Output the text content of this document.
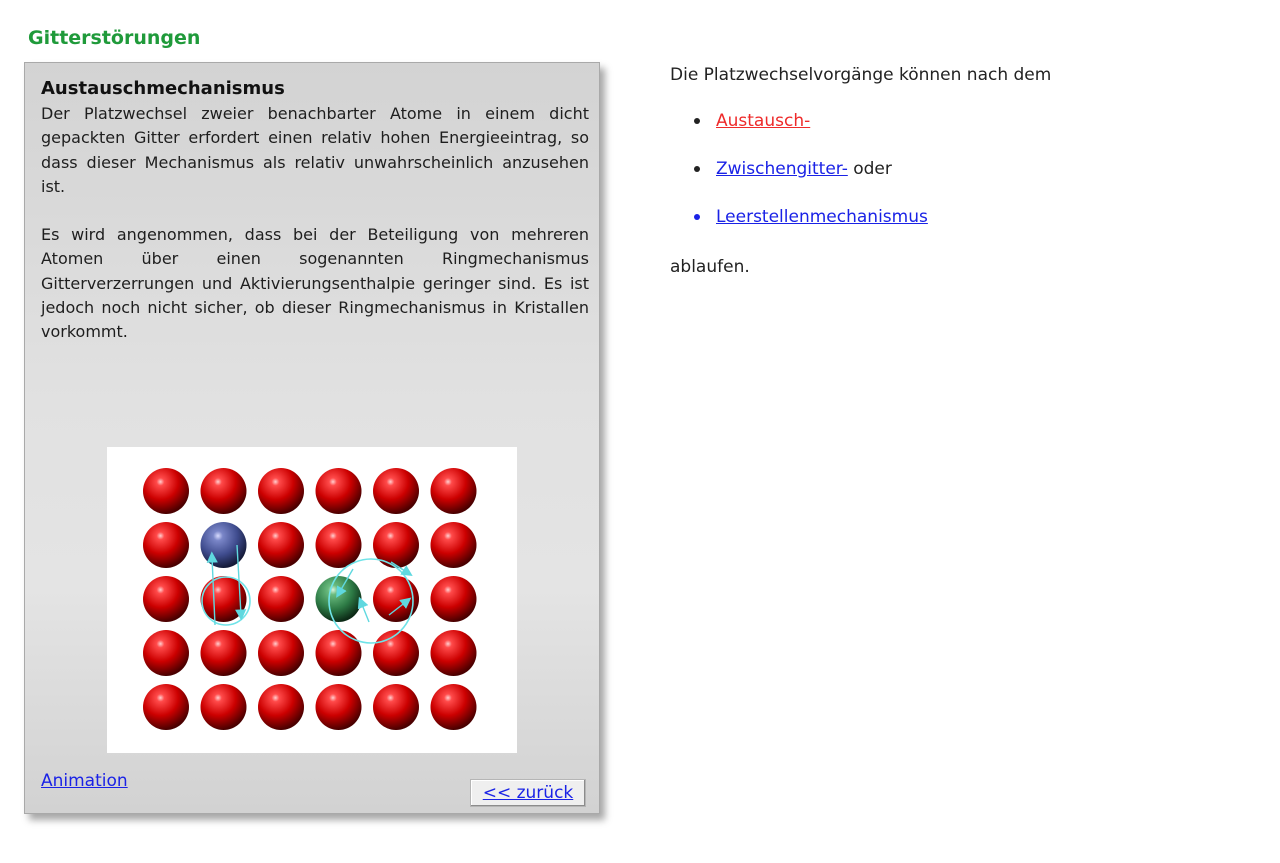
Gitterstörungen
Austauschmechanismus

Der Platzwechsel zweier benachbarter Atome in einem dicht gepackten Gitter erfordert einen relativ hohen Energieeintrag, so dass dieser Mechanismus als relativ unwahrscheinlich anzusehen ist.

Es wird angenommen, dass bei der Beteiligung von mehreren Atomen über einen sogenannten Ringmechanismus Gitterverzerrungen und Aktivierungsenthalpie geringer sind. Es ist jedoch noch nicht sicher, ob dieser Ringmechanismus in Kristallen vorkommt.

Animation
<< zurück
Die Platzwechselvorgänge können nach dem
Austausch-
Zwischengitter- oder
Leerstellenmechanismus
ablaufen.
